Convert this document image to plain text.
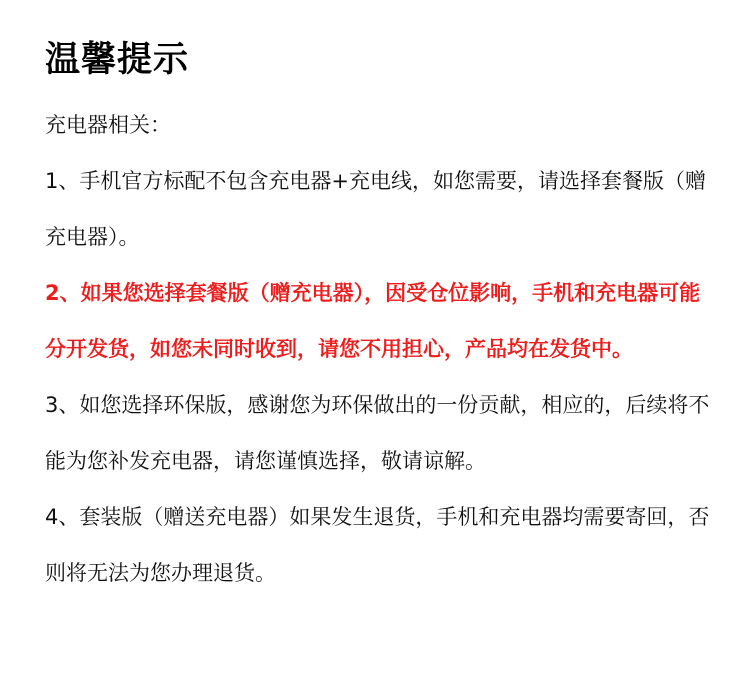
温馨提示

充电器相关：

1、手机官方标配不包含充电器+充电线，如您需要，请选择套餐版（赠充电器）。

2、如果您选择套餐版（赠充电器），因受仓位影响，手机和充电器可能分开发货，如您未同时收到，请您不用担心，产品均在发货中。

3、如您选择环保版，感谢您为环保做出的一份贡献，相应的，后续将不能为您补发充电器，请您谨慎选择，敬请谅解。

4、套装版（赠送充电器）如果发生退货，手机和充电器均需要寄回，否则将无法为您办理退货。
